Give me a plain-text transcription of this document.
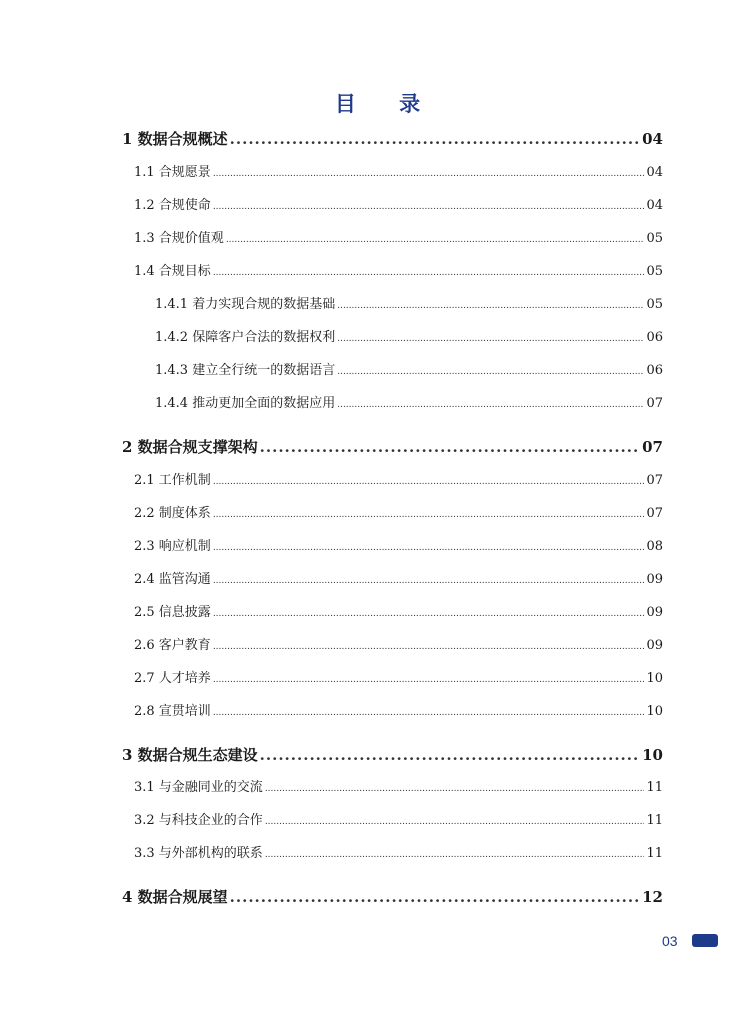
目 录
1 数据合规概述 .....	04
1.1 合规愿景 .....	04
1.2 合规使命 .....	04
1.3 合规价值观 .....	05
1.4 合规目标 .....	05
1.4.1 着力实现合规的数据基础 .....	05
1.4.2 保障客户合法的数据权利 .....	06
1.4.3 建立全行统一的数据语言 .....	06
1.4.4 推动更加全面的数据应用 .....	07
2 数据合规支撑架构 .....	07
2.1 工作机制 .....	07
2.2 制度体系 .....	07
2.3 响应机制 .....	08
2.4 监管沟通 .....	09
2.5 信息披露 .....	09
2.6 客户教育 .....	09
2.7 人才培养 .....	10
2.8 宣贯培训 .....	10
3 数据合规生态建设 .....	10
3.1 与金融同业的交流 .....	11
3.2 与科技企业的合作 .....	11
3.3 与外部机构的联系 .....	11
4 数据合规展望 .....	12
03
